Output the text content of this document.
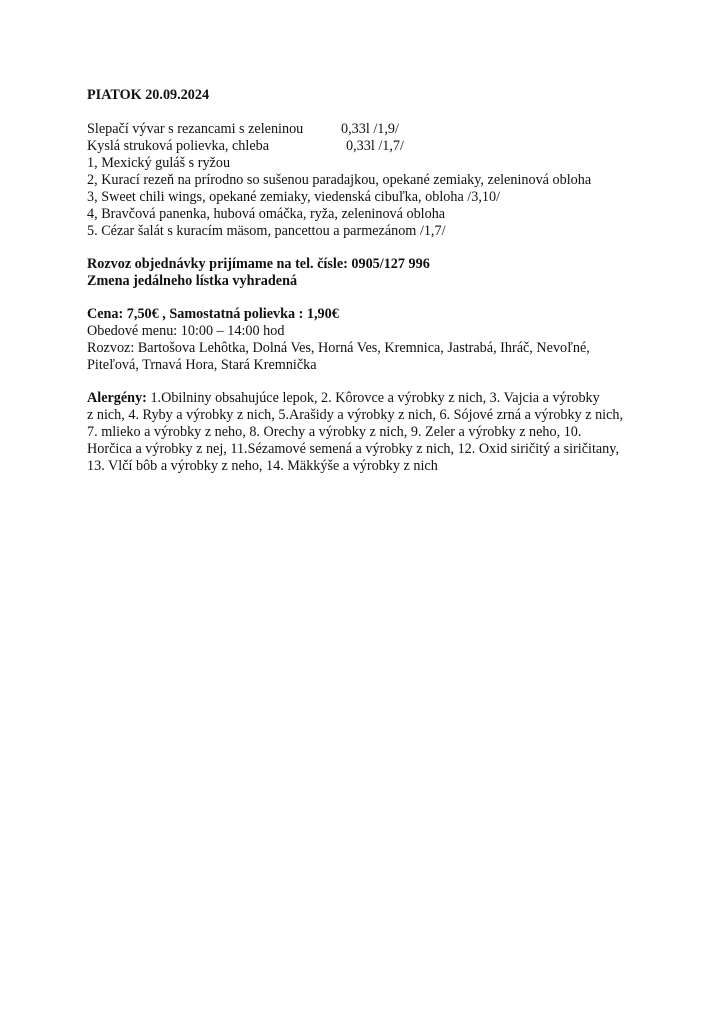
PIATOK 20.09.2024
Slepačí vývar s rezancami s zeleninou	0,33l /1,9/
Kyslá struková polievka, chleba	0,33l /1,7/
1, Mexický guláš s ryžou
2, Kurací rezeň na prírodno so sušenou paradajkou, opekané zemiaky, zeleninová obloha
3, Sweet chili wings, opekané zemiaky, viedenská cibuľka, obloha /3,10/
4, Bravčová panenka, hubová omáčka, ryža, zeleninová obloha
5. Cézar šalát s kuracím mäsom, pancettou a parmezánom /1,7/
Rozvoz objednávky prijímame na tel. čísle: 0905/127 996
Zmena jedálneho lístka vyhradená
Cena: 7,50€ , Samostatná polievka : 1,90€
Obedové menu: 10:00 – 14:00 hod
Rozvoz: Bartošova Lehôtka, Dolná Ves, Horná Ves, Kremnica, Jastrabá, Ihráč, Nevoľné,
Piteľová, Trnavá Hora, Stará Kremnička
Alergény: 1.Obilniny obsahujúce lepok, 2. Kôrovce a výrobky z nich, 3. Vajcia a výrobky
z nich, 4. Ryby a výrobky z nich, 5.Arašidy a výrobky z nich, 6. Sójové zrná a výrobky z nich,
7. mlieko a výrobky z neho, 8. Orechy a výrobky z nich, 9. Zeler a výrobky z neho, 10.
Horčica a výrobky z nej, 11.Sézamové semená a výrobky z nich, 12. Oxid siričitý a siričitany,
13. Vlčí bôb a výrobky z neho, 14. Mäkkýše a výrobky z nich
